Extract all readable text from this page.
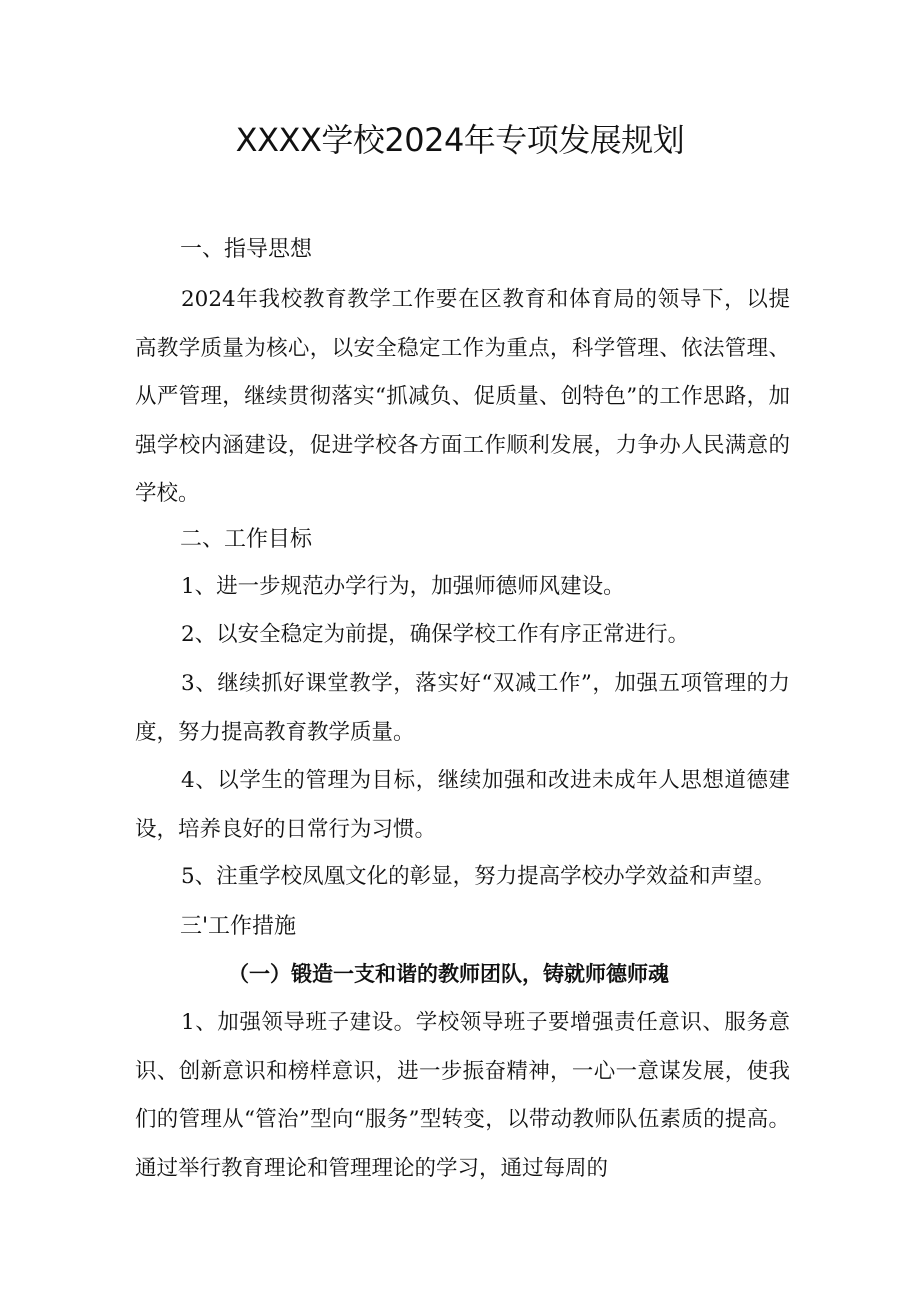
XXXX学校2024年专项发展规划
一、指导思想
2024年我校教育教学工作要在区教育和体育局的领导下，以提高教学质量为核心，以安全稳定工作为重点，科学管理、依法管理、从严管理，继续贯彻落实“抓减负、促质量、创特色”的工作思路，加强学校内涵建设，促进学校各方面工作顺利发展，力争办人民满意的学校。
二、工作目标
1、进一步规范办学行为，加强师德师风建设。
2、以安全稳定为前提，确保学校工作有序正常进行。
3、继续抓好课堂教学，落实好“双减工作”，加强五项管理的力度，努力提高教育教学质量。
4、以学生的管理为目标，继续加强和改进未成年人思想道德建设，培养良好的日常行为习惯。
5、注重学校凤凰文化的彰显，努力提高学校办学效益和声望。
三'工作措施
（一）锻造一支和谐的教师团队，铸就师德师魂
1、加强领导班子建设。学校领导班子要增强责任意识、服务意识、创新意识和榜样意识，进一步振奋精神，一心一意谋发展，使我们的管理从“管治”型向“服务”型转变，以带动教师队伍素质的提高。通过举行教育理论和管理理论的学习，通过每周的
